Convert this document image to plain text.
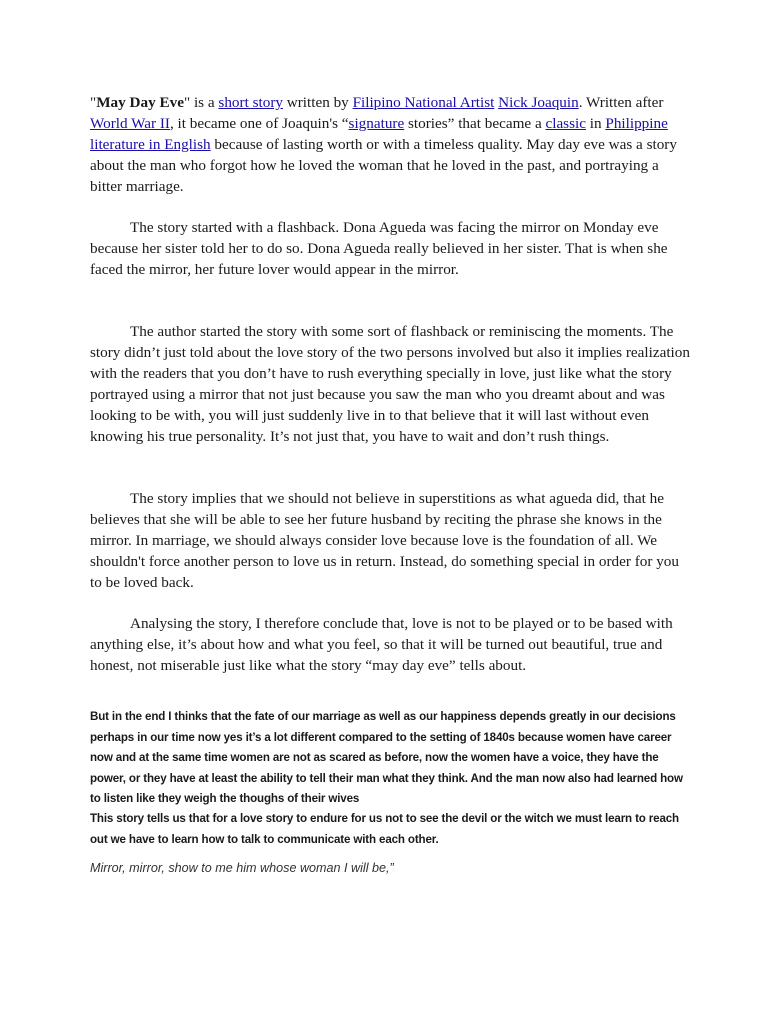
"May Day Eve" is a short story written by Filipino National Artist Nick Joaquin. Written after World War II, it became one of Joaquin's “signature stories” that became a classic in Philippine literature in English because of lasting worth or with a timeless quality. May day eve was a story about the man who forgot how he loved the woman that he loved in the past, and portraying a bitter marriage.

The story started with a flashback. Dona Agueda was facing the mirror on Monday eve because her sister told her to do so. Dona Agueda really believed in her sister. That is when she faced the mirror, her future lover would appear in the mirror.

The author started the story with some sort of flashback or reminiscing the moments. The story didn’t just told about the love story of the two persons involved but also it implies realization with the readers that you don’t have to rush everything specially in love, just like what the story portrayed using a mirror that not just because you saw the man who you dreamt about and was looking to be with, you will just suddenly live in to that believe that it will last without even knowing his true personality. It’s not just that, you have to wait and don’t rush things.

The story implies that we should not believe in superstitions as what agueda did, that he believes that she will be able to see her future husband by reciting the phrase she knows in the mirror. In marriage, we should always consider love because love is the foundation of all. We shouldn't force another person to love us in return. Instead, do something special in order for you to be loved back.

Analysing the story, I therefore conclude that, love is not to be played or to be based with anything else, it’s about how and what you feel, so that it will be turned out beautiful, true and honest, not miserable just like what the story “may day eve” tells about.

But in the end I thinks that the fate of our marriage as well as our happiness depends greatly in our decisions perhaps in our time now yes it’s a lot different compared to the setting of 1840s because women have career now and at the same time women are not as scared as before, now the women have a voice, they have the power, or they have at least the ability to tell their man what they think. And the man now also had learned how to listen like they weigh the thoughs of their wives

This story tells us that for a love story to endure for us not to see the devil or the witch we must learn to reach out we have to learn how to talk to communicate with each other.

Mirror, mirror, show to me him whose woman I will be,”
